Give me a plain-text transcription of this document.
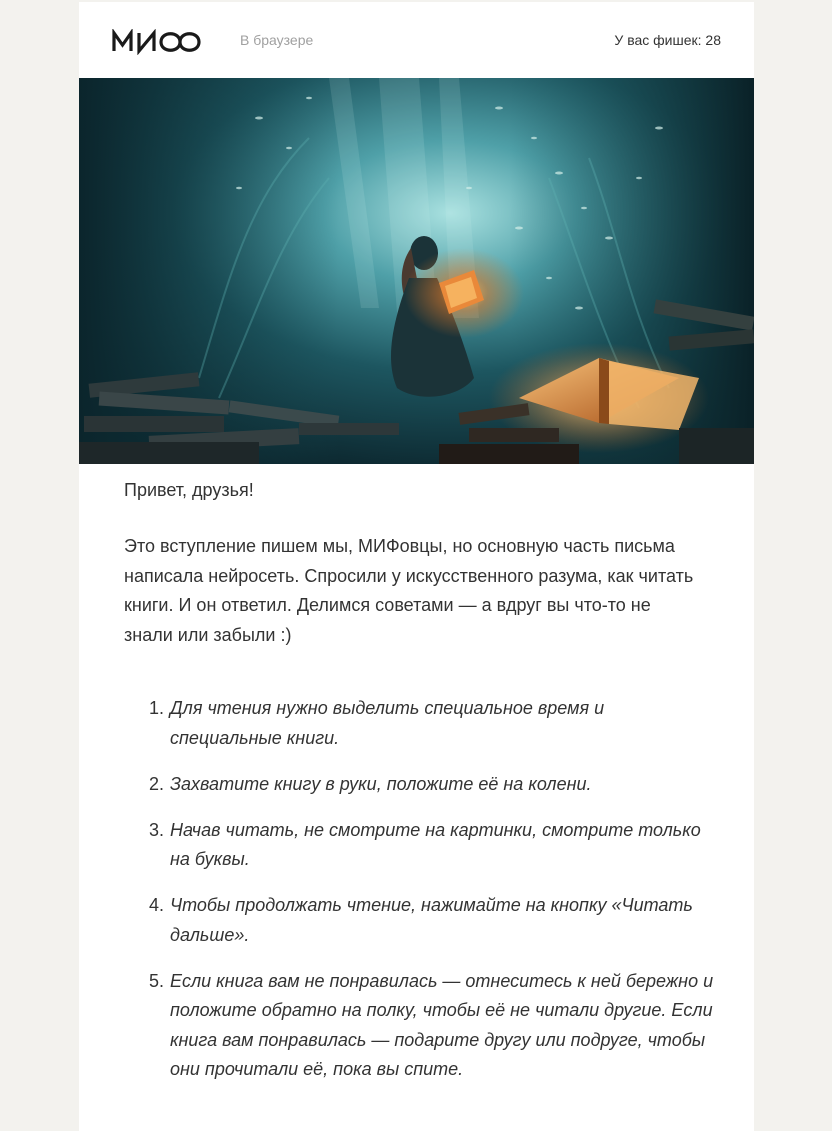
В браузере	У вас фишек: 28

Привет, друзья!

Это вступление пишем мы, МИФовцы, но основную часть письма написала нейросеть. Спросили у искусственного разума, как читать книги. И он ответил. Делимся советами — а вдруг вы что-то не знали или забыли :)

1. Для чтения нужно выделить специальное время и специальные книги.
2. Захватите книгу в руки, положите её на колени.
3. Начав читать, не смотрите на картинки, смотрите только на буквы.
4. Чтобы продолжать чтение, нажимайте на кнопку «Читать дальше».
5. Если книга вам не понравилась — отнеситесь к ней бережно и положите обратно на полку, чтобы её не читали другие. Если книга вам понравилась — подарите другу или подруге, чтобы они прочитали её, пока вы спите.
